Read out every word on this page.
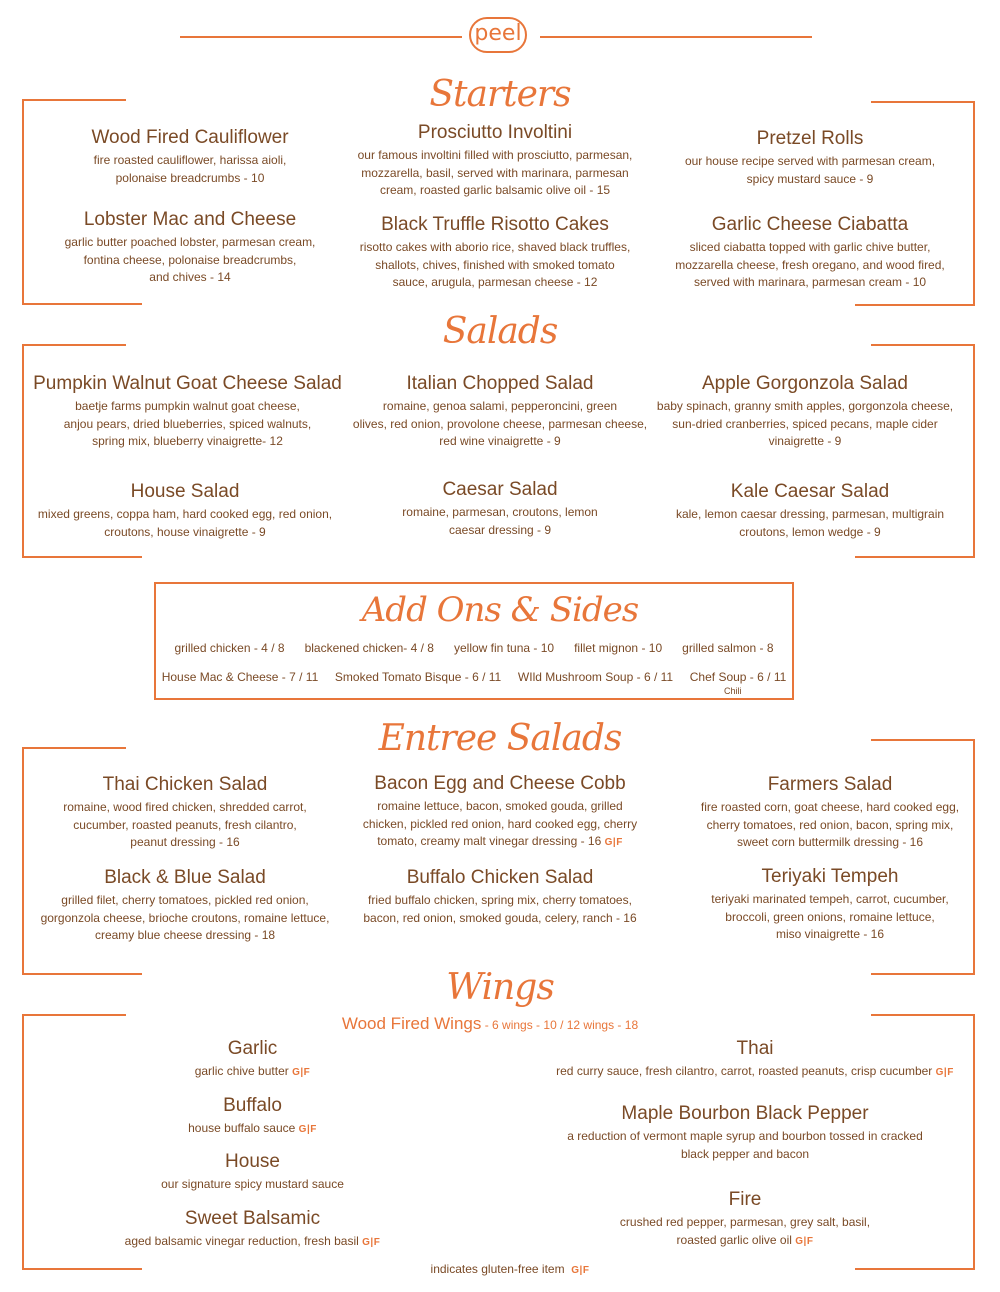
peel
Starters
Wood Fired Cauliflower
fire roasted cauliflower, harissa aioli,
polonaise breadcrumbs - 10
Prosciutto Involtini
our famous involtini filled with prosciutto, parmesan,
mozzarella, basil, served with marinara, parmesan
cream, roasted garlic balsamic olive oil - 15
Pretzel Rolls
our house recipe served with parmesan cream,
spicy mustard sauce - 9
Lobster Mac and Cheese
garlic butter poached lobster, parmesan cream,
fontina cheese, polonaise breadcrumbs,
and chives - 14
Black Truffle Risotto Cakes
risotto cakes with aborio rice, shaved black truffles,
shallots, chives, finished with smoked tomato
sauce, arugula, parmesan cheese - 12
Garlic Cheese Ciabatta
sliced ciabatta topped with garlic chive butter,
mozzarella cheese, fresh oregano, and wood fired,
served with marinara, parmesan cream - 10
Salads
Pumpkin Walnut Goat Cheese Salad
baetje farms pumpkin walnut goat cheese,
anjou pears, dried blueberries, spiced walnuts,
spring mix, blueberry vinaigrette- 12
Italian Chopped Salad
romaine, genoa salami, pepperoncini, green
olives, red onion, provolone cheese, parmesan cheese,
red wine vinaigrette - 9
Apple Gorgonzola Salad
baby spinach, granny smith apples, gorgonzola cheese,
sun-dried cranberries, spiced pecans, maple cider
vinaigrette - 9
House Salad
mixed greens, coppa ham, hard cooked egg, red onion,
croutons, house vinaigrette - 9
Caesar Salad
romaine, parmesan, croutons, lemon
caesar dressing - 9
Kale Caesar Salad
kale, lemon caesar dressing, parmesan, multigrain
croutons, lemon wedge - 9
Add Ons & Sides
grilled chicken - 4 / 8 blackened chicken- 4 / 8 yellow fin tuna - 10 fillet mignon - 10 grilled salmon - 8
House Mac & Cheese - 7 / 11 Smoked Tomato Bisque - 6 / 11 WIld Mushroom Soup - 6 / 11 Chef Soup - 6 / 11
Chili
Entree Salads
Thai Chicken Salad
romaine, wood fired chicken, shredded carrot,
cucumber, roasted peanuts, fresh cilantro,
peanut dressing - 16
Bacon Egg and Cheese Cobb
romaine lettuce, bacon, smoked gouda, grilled
chicken, pickled red onion, hard cooked egg, cherry
tomato, creamy malt vinegar dressing - 16 G|F
Farmers Salad
fire roasted corn, goat cheese, hard cooked egg,
cherry tomatoes, red onion, bacon, spring mix,
sweet corn buttermilk dressing - 16
Black & Blue Salad
grilled filet, cherry tomatoes, pickled red onion,
gorgonzola cheese, brioche croutons, romaine lettuce,
creamy blue cheese dressing - 18
Buffalo Chicken Salad
fried buffalo chicken, spring mix, cherry tomatoes,
bacon, red onion, smoked gouda, celery, ranch - 16
Teriyaki Tempeh
teriyaki marinated tempeh, carrot, cucumber,
broccoli, green onions, romaine lettuce,
miso vinaigrette - 16
Wings
Wood Fired Wings - 6 wings - 10 / 12 wings - 18
Garlic
garlic chive butter G|F
Buffalo
house buffalo sauce G|F
House
our signature spicy mustard sauce
Sweet Balsamic
aged balsamic vinegar reduction, fresh basil G|F
Thai
red curry sauce, fresh cilantro, carrot, roasted peanuts, crisp cucumber G|F
Maple Bourbon Black Pepper
a reduction of vermont maple syrup and bourbon tossed in cracked
black pepper and bacon
Fire
crushed red pepper, parmesan, grey salt, basil,
roasted garlic olive oil G|F
indicates gluten-free item G|F
